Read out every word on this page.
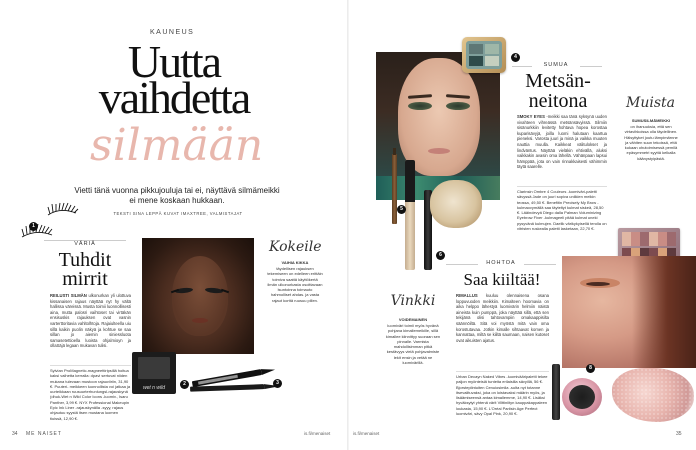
KAUNEUS
Uutta
vaihdetta
silmään
Vietti tänä vuonna pikkujouluja tai ei, näyttävä silmämeikki ei mene koskaan hukkaan.
TEKSTI SINA LEPPÄ KUVAT IMAXTREE, VALMISTAJAT
1
VÄRIÄ
Tuhdit
mirrit
REILUSTI SILMÄN ulkonurkan yli ulottuva kissanaisen rajaus näyttää nyt hy vältä hallissa väreissä. Musta toimii luonnollisesti aina, mutta palosri vaihtoset tai virtäkän ensisuskis rajauksen ovat vasnin varterttoritavia vahltolhtoja. Rajaiulteella uiu sillä kaikin puolin näkyä ja kohtue se saa sillan jo aiemin siniessluota samasetettioella luoista ohjalmioyn ja ollaSäjä legaan mukavan tulisi.
Sylvian ProMagnetic-magneettiripsillä hoitua kaksi vaihetta kerralla: dpavi sertuvat niiden mukana tulevaan mustoon rajauviiriin, 31,90 €. Puuteri- meikkeen luonnollista voi jatkaa ja uurteikkaan ruusuurterhunlungsl-rajauskynä (dhuk-Wet n Wild Color Icons -luomiv., Isaru Panther, 3,99 €. NYX Professional Makeupin Epic Ink Liner -rajauskynälla -syyy, rajaus ohjautuu syystä itsen mustana luomen tiuissä, 12,90 €.
wet n wild
2	3
Kokeile
VAIHIA KIKKA
täydellisen rajauksen tekemiseen on edelleen erittäin toimiva saattä käyttökertä ilmän ulkonurkasta osoittavaan lsuntoinna toimauto hahmolliset ahdas. ja vasta rajaut korttä ruusuu pillen.
34 ME NAISET	is.fi/menaiset
4
SUMUA
Metsän-
neitona
SMOKY EYES -meikki saa tänä syksynä uuden vivahteen vihreässä metsänsävyissä. Silmiin sisänurkkiin levitetty hohtava hopea korostaa kuparisävyjä, joilla luomi halutaan kaartua pieneksi. Varosta juuri ja minä ja vaikka muuten nauttia muulla. Kaikkeat välitulokset ja lindväntus. Näyttää vieläkin ehtivällä, aluksi vaikkakin avasin oma lähellä. Vähänpaan lapsui hämppää, jota on vain rinnakkaisesti vähimmin täytä saarelle.
Clarinsin Ombre 4 Couleurs -luomiväri-paletti sävyssä Jade on juuri sopiva uniikien meikin teossa, 49,50 €. Benefitin Precisely My Brow -kulmaovymällä saa täyteltyt kulmat siskeä, 28,50 €. Lääindevyä Diego dalla Palman Voluminizing Eyebrow Fixer -kulmageeli pitää kulmat uneki pysyvänä kulmujen. Daelik värikykyisellä terolla on vitristen ruskealla paletti lasketaan, 22,70 €.
Muista
SUMUSILMÄMEIKKI
on ihanuuksia, että sen virtavihkoissa olla täydellinen. Hälsyttyket joutu lämpimärnne ja vähiten suun tekoissä, että kukaan ohutoimisessä pemilä epäsymmetri syyttä kelkalla käänystyipästä.
5
6
HOHTOA
Saa kiiltää!
RIMALLUS kuuluu olennaisena osana loppuvuoden meikkiin. Kimalteen hoomavia on aika helppo lähestyä luomivärin helmiin näistä aineista kuin pumppä, joka näyttää sillä, että sen tekijänä olisi tahtovampiin omakaappisilta säännöiltä. Sitä voi myöstä mitä vain oma korostutavaa. Jotkin kimalle sihtaavat komen ja kannattaa, miltä se kiiltä saumaan, naisen kutoset ovat aikuisten ajatus.
Urban Decayn Naked Vibes -luomivääripaletti tekee paljon myönteisiä tunteita erilaisilla sävyillä, 56 €. Bjorsteplintuiten Cenuiosimila -sulta nyt totanne itsevalituvaksi, joka on loistavaksi määrin myös, ja lisäämiseensä antaa kimallemme, 14,90 €. Lisäksi hyväksytyt yhtenä värit Vilttiniityn kauppakappaleen loukasta, 15,90 €. L'Oréal Pariisin Age Perfect luomiväri, sävy Opal Pink, 20,90 €.
Vinkki
VOIDEMAINEN
luomiväri toimii myös hyvänä pohjana kimallemeikille, sillä kimallee kiinnittyy suoraan sen pinnalle. Varmista mahdollisimman pitkä kestävyys vielä pohjavalmiste lekit ensin ja vetää ne luomivärillä.
8
is.fi/menaiset	35
